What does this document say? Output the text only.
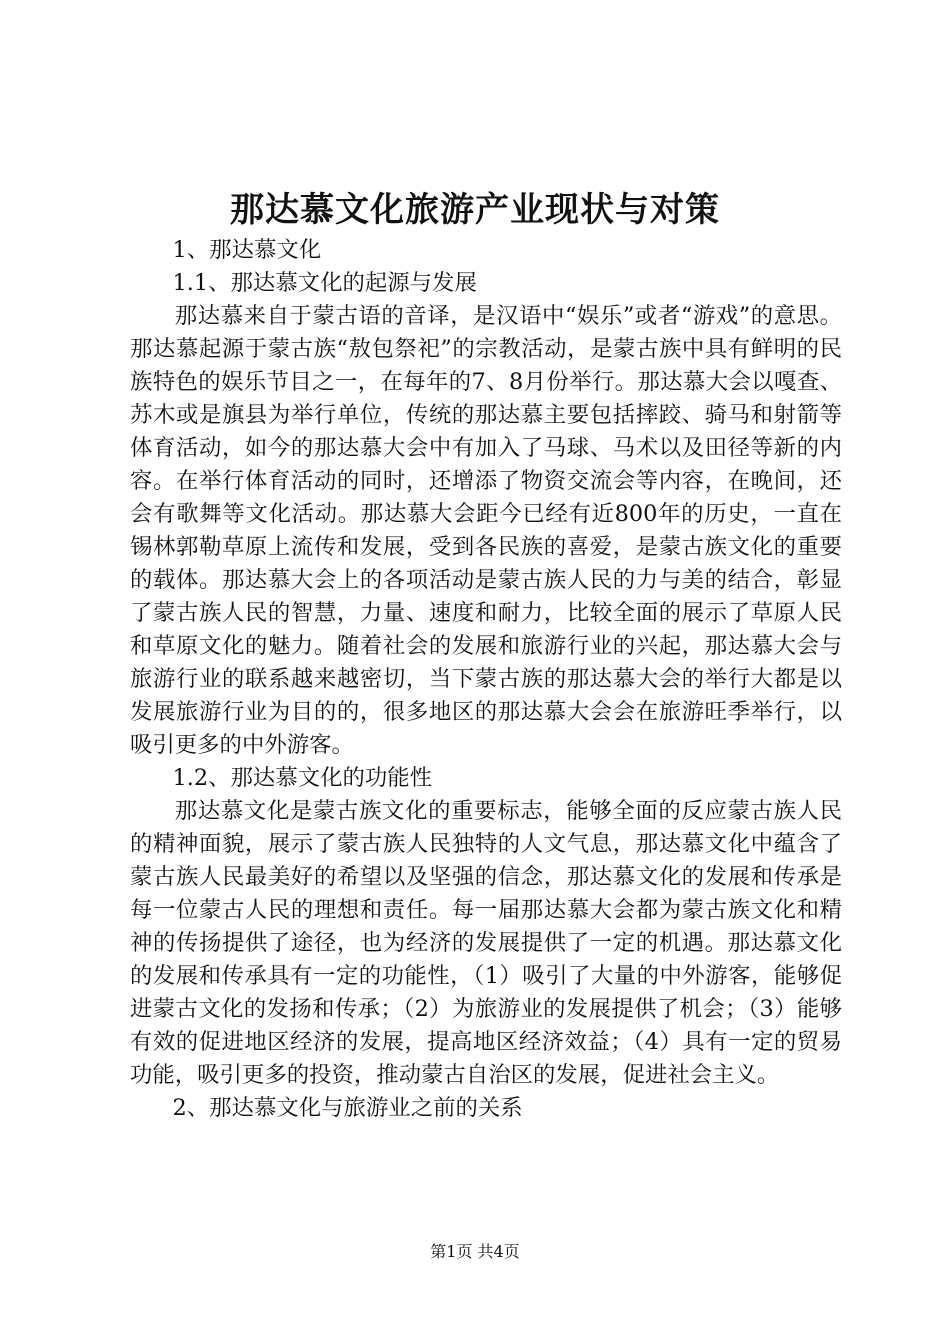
那达慕文化旅游产业现状与对策

1、那达慕文化

1.1、那达慕文化的起源与发展

那达慕来自于蒙古语的音译，是汉语中“娱乐”或者“游戏”的意思。那达慕起源于蒙古族“敖包祭祀”的宗教活动，是蒙古族中具有鲜明的民族特色的娱乐节目之一，在每年的7、8月份举行。那达慕大会以嘎查、苏木或是旗县为举行单位，传统的那达慕主要包括摔跤、骑马和射箭等体育活动，如今的那达慕大会中有加入了马球、马术以及田径等新的内容。在举行体育活动的同时，还增添了物资交流会等内容，在晚间，还会有歌舞等文化活动。那达慕大会距今已经有近800年的历史，一直在锡林郭勒草原上流传和发展，受到各民族的喜爱，是蒙古族文化的重要的载体。那达慕大会上的各项活动是蒙古族人民的力与美的结合，彰显了蒙古族人民的智慧，力量、速度和耐力，比较全面的展示了草原人民和草原文化的魅力。随着社会的发展和旅游行业的兴起，那达慕大会与旅游行业的联系越来越密切，当下蒙古族的那达慕大会的举行大都是以发展旅游行业为目的的，很多地区的那达慕大会会在旅游旺季举行，以吸引更多的中外游客。

1.2、那达慕文化的功能性

那达慕文化是蒙古族文化的重要标志，能够全面的反应蒙古族人民的精神面貌，展示了蒙古族人民独特的人文气息，那达慕文化中蕴含了蒙古族人民最美好的希望以及坚强的信念，那达慕文化的发展和传承是每一位蒙古人民的理想和责任。每一届那达慕大会都为蒙古族文化和精神的传扬提供了途径，也为经济的发展提供了一定的机遇。那达慕文化的发展和传承具有一定的功能性，（1）吸引了大量的中外游客，能够促进蒙古文化的发扬和传承；（2）为旅游业的发展提供了机会；（3）能够有效的促进地区经济的发展，提高地区经济效益；（4）具有一定的贸易功能，吸引更多的投资，推动蒙古自治区的发展，促进社会主义。

2、那达慕文化与旅游业之前的关系

第1页 共4页
